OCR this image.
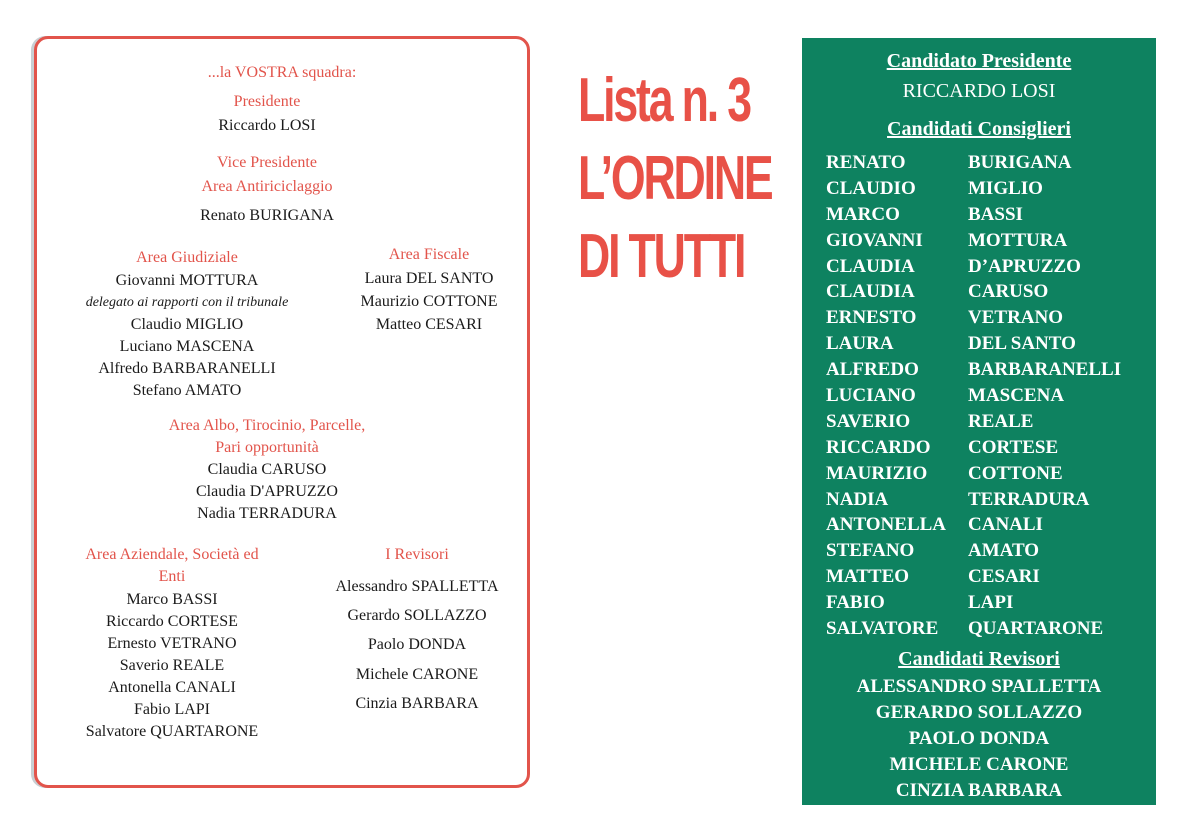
...la VOSTRA squadra:
Presidente
Riccardo LOSI
Vice Presidente
Area Antiriciclaggio
Renato BURIGANA
Area Giudiziale
Giovanni MOTTURA
delegato ai rapporti con il tribunale
Claudio MIGLIO
Luciano MASCENA
Alfredo BARBARANELLI
Stefano AMATO
Area Fiscale
Laura DEL SANTO
Maurizio COTTONE
Matteo CESARI
Area Albo, Tirocinio, Parcelle,
Pari opportunità
Claudia CARUSO
Claudia D'APRUZZO
Nadia TERRADURA
Area Aziendale, Società ed
Enti
Marco BASSI
Riccardo CORTESE
Ernesto VETRANO
Saverio REALE
Antonella CANALI
Fabio LAPI
Salvatore QUARTARONE
I Revisori
Alessandro SPALLETTA
Gerardo SOLLAZZO
Paolo DONDA
Michele CARONE
Cinzia BARBARA
Lista n. 3
L’ORDINE
DI TUTTI
Candidato Presidente
RICCARDO LOSI
Candidati Consiglieri
RENATO	BURIGANA
CLAUDIO	MIGLIO
MARCO	BASSI
GIOVANNI	MOTTURA
CLAUDIA	D’APRUZZO
CLAUDIA	CARUSO
ERNESTO	VETRANO
LAURA	DEL SANTO
ALFREDO	BARBARANELLI
LUCIANO	MASCENA
SAVERIO	REALE
RICCARDO	CORTESE
MAURIZIO	COTTONE
NADIA	TERRADURA
ANTONELLA	CANALI
STEFANO	AMATO
MATTEO	CESARI
FABIO	LAPI
SALVATORE	QUARTARONE
Candidati Revisori
ALESSANDRO SPALLETTA
GERARDO SOLLAZZO
PAOLO DONDA
MICHELE CARONE
CINZIA BARBARA
